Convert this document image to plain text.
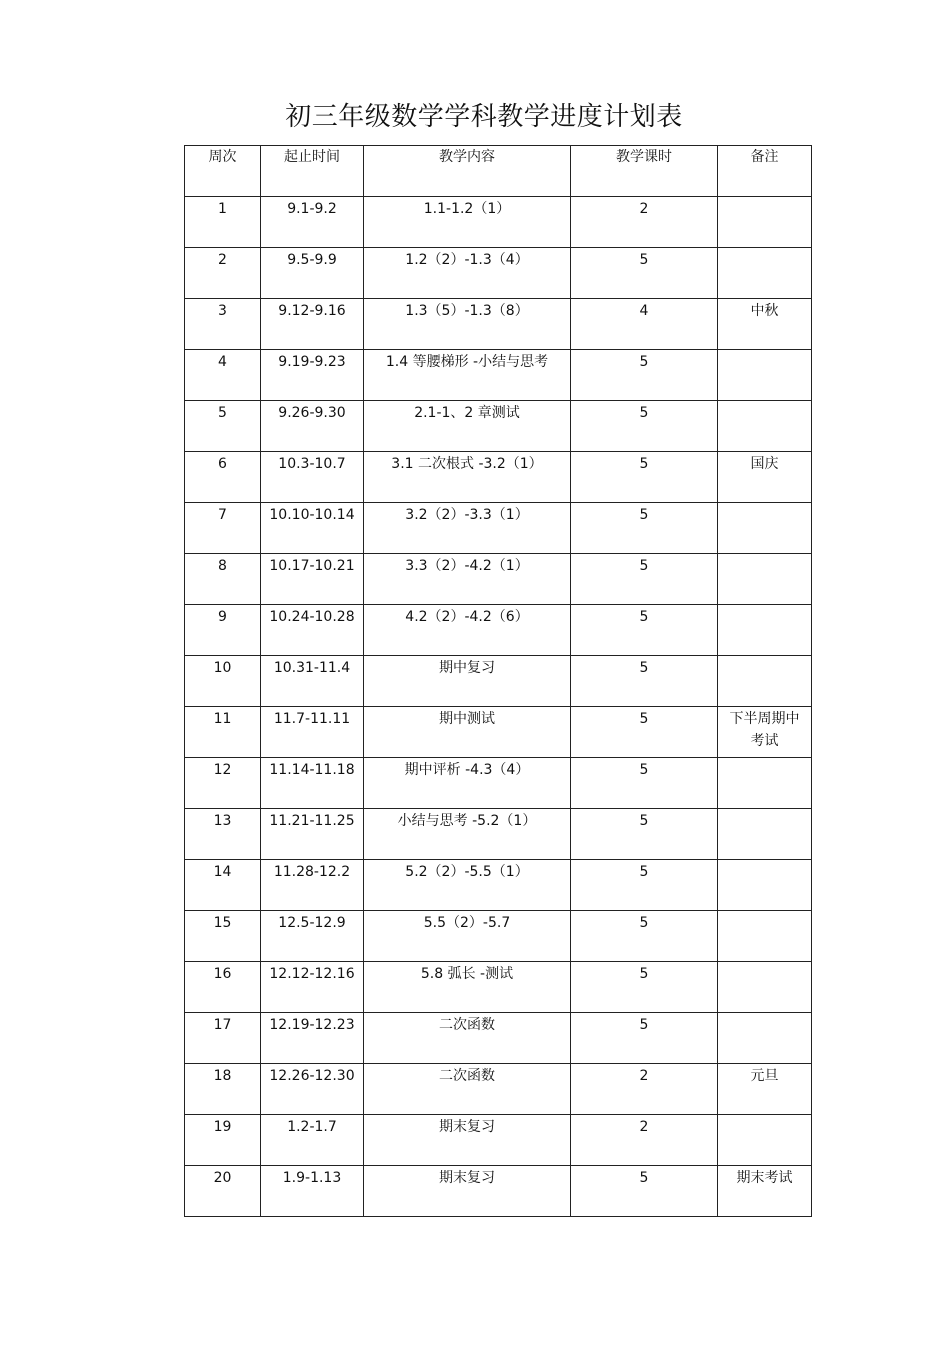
初三年级数学学科教学进度计划表
周次	起止时间	教学内容	教学课时	备注

1	9.1-9.2	1.1-1.2（1）	2	

2	9.5-9.9	1.2（2）-1.3（4）	5	

3	9.12-9.16	1.3（5）-1.3（8）	4	中秋

4	9.19-9.23	1.4 等腰梯形 -小结与思考	5	

5	9.26-9.30	2.1-1、2 章测试	5	

6	10.3-10.7	3.1 二次根式 -3.2（1）	5	国庆

7	10.10-10.14	3.2（2）-3.3（1）	5	

8	10.17-10.21	3.3（2）-4.2（1）	5	

9	10.24-10.28	4.2（2）-4.2（6）	5	

10	10.31-11.4	期中复习	5	

11	11.7-11.11	期中测试	5	下半周期中考试

12	11.14-11.18	期中评析 -4.3（4）	5	

13	11.21-11.25	小结与思考 -5.2（1）	5	

14	11.28-12.2	5.2（2）-5.5（1）	5	

15	12.5-12.9	5.5（2）-5.7	5	

16	12.12-12.16	5.8 弧长 -测试	5	

17	12.19-12.23	二次函数	5	

18	12.26-12.30	二次函数	2	元旦

19	1.2-1.7	期末复习	2	

20	1.9-1.13	期末复习	5	期末考试
